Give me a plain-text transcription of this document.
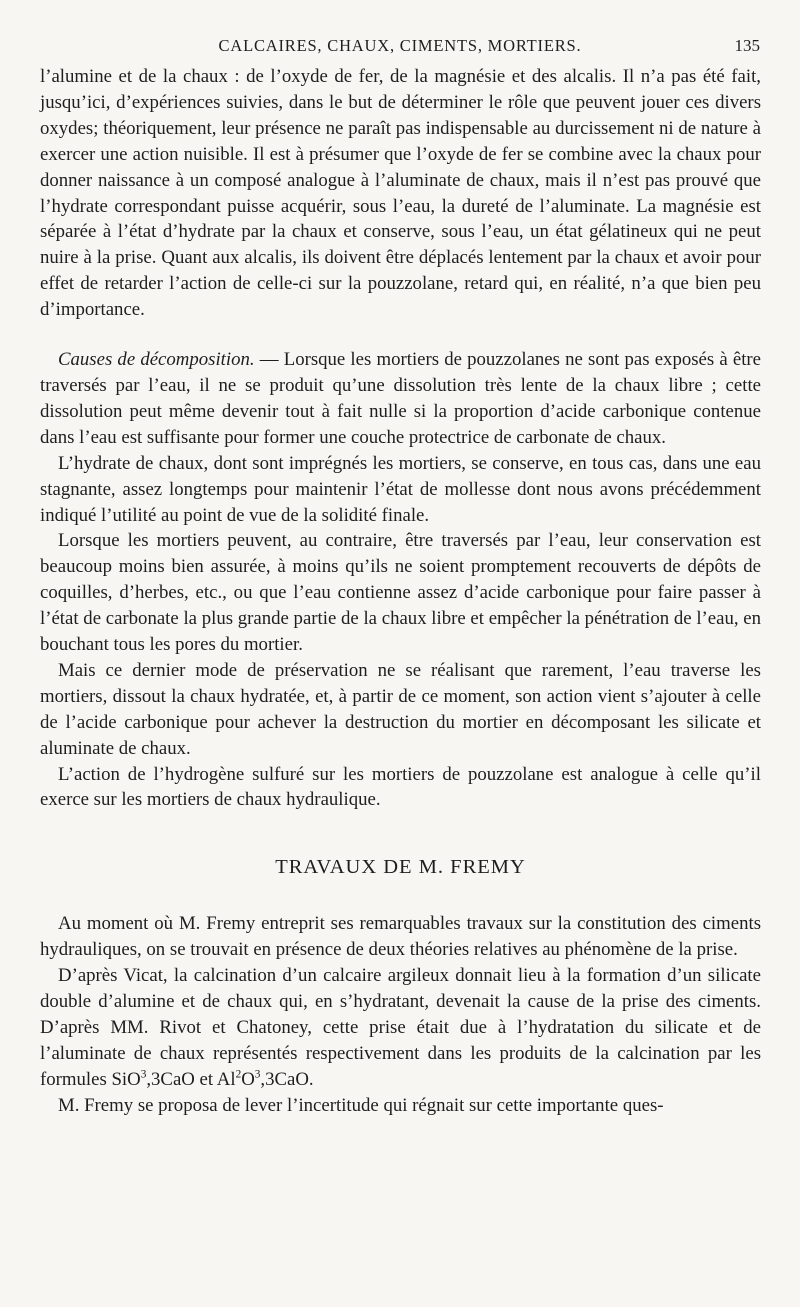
CALCAIRES, CHAUX, CIMENTS, MORTIERS.	135

l’alumine et de la chaux : de l’oxyde de fer, de la magnésie et des alcalis. Il n’a pas été fait, jusqu’ici, d’expériences suivies, dans le but de déterminer le rôle que peuvent jouer ces divers oxydes; théoriquement, leur présence ne paraît pas indispensable au durcissement ni de nature à exercer une action nuisible. Il est à présumer que l’oxyde de fer se combine avec la chaux pour donner naissance à un composé analogue à l’aluminate de chaux, mais il n’est pas prouvé que l’hydrate correspondant puisse acquérir, sous l’eau, la dureté de l’aluminate. La magnésie est séparée à l’état d’hydrate par la chaux et conserve, sous l’eau, un état gélatineux qui ne peut nuire à la prise. Quant aux alcalis, ils doivent être déplacés lentement par la chaux et avoir pour effet de retarder l’action de celle-ci sur la pouzzolane, retard qui, en réalité, n’a que bien peu d’importance.

Causes de décomposition. — Lorsque les mortiers de pouzzolanes ne sont pas exposés à être traversés par l’eau, il ne se produit qu’une dissolution très lente de la chaux libre ; cette dissolution peut même devenir tout à fait nulle si la proportion d’acide carbonique contenue dans l’eau est suffisante pour former une couche protectrice de carbonate de chaux.

L’hydrate de chaux, dont sont imprégnés les mortiers, se conserve, en tous cas, dans une eau stagnante, assez longtemps pour maintenir l’état de mollesse dont nous avons précédemment indiqué l’utilité au point de vue de la solidité finale.

Lorsque les mortiers peuvent, au contraire, être traversés par l’eau, leur conservation est beaucoup moins bien assurée, à moins qu’ils ne soient promptement recouverts de dépôts de coquilles, d’herbes, etc., ou que l’eau contienne assez d’acide carbonique pour faire passer à l’état de carbonate la plus grande partie de la chaux libre et empêcher la pénétration de l’eau, en bouchant tous les pores du mortier.

Mais ce dernier mode de préservation ne se réalisant que rarement, l’eau traverse les mortiers, dissout la chaux hydratée, et, à partir de ce moment, son action vient s’ajouter à celle de l’acide carbonique pour achever la destruction du mortier en décomposant les silicate et aluminate de chaux.

L’action de l’hydrogène sulfuré sur les mortiers de pouzzolane est analogue à celle qu’il exerce sur les mortiers de chaux hydraulique.

TRAVAUX DE M. FREMY

Au moment où M. Fremy entreprit ses remarquables travaux sur la constitution des ciments hydrauliques, on se trouvait en présence de deux théories relatives au phénomène de la prise.

D’après Vicat, la calcination d’un calcaire argileux donnait lieu à la formation d’un silicate double d’alumine et de chaux qui, en s’hydratant, devenait la cause de la prise des ciments. D’après MM. Rivot et Chatoney, cette prise était due à l’hydratation du silicate et de l’aluminate de chaux représentés respectivement dans les produits de la calcination par les formules SiO$^3$,3CaO et $Al^2O^3,3CaO$.

M. Fremy se proposa de lever l’incertitude qui régnait sur cette importante ques-
